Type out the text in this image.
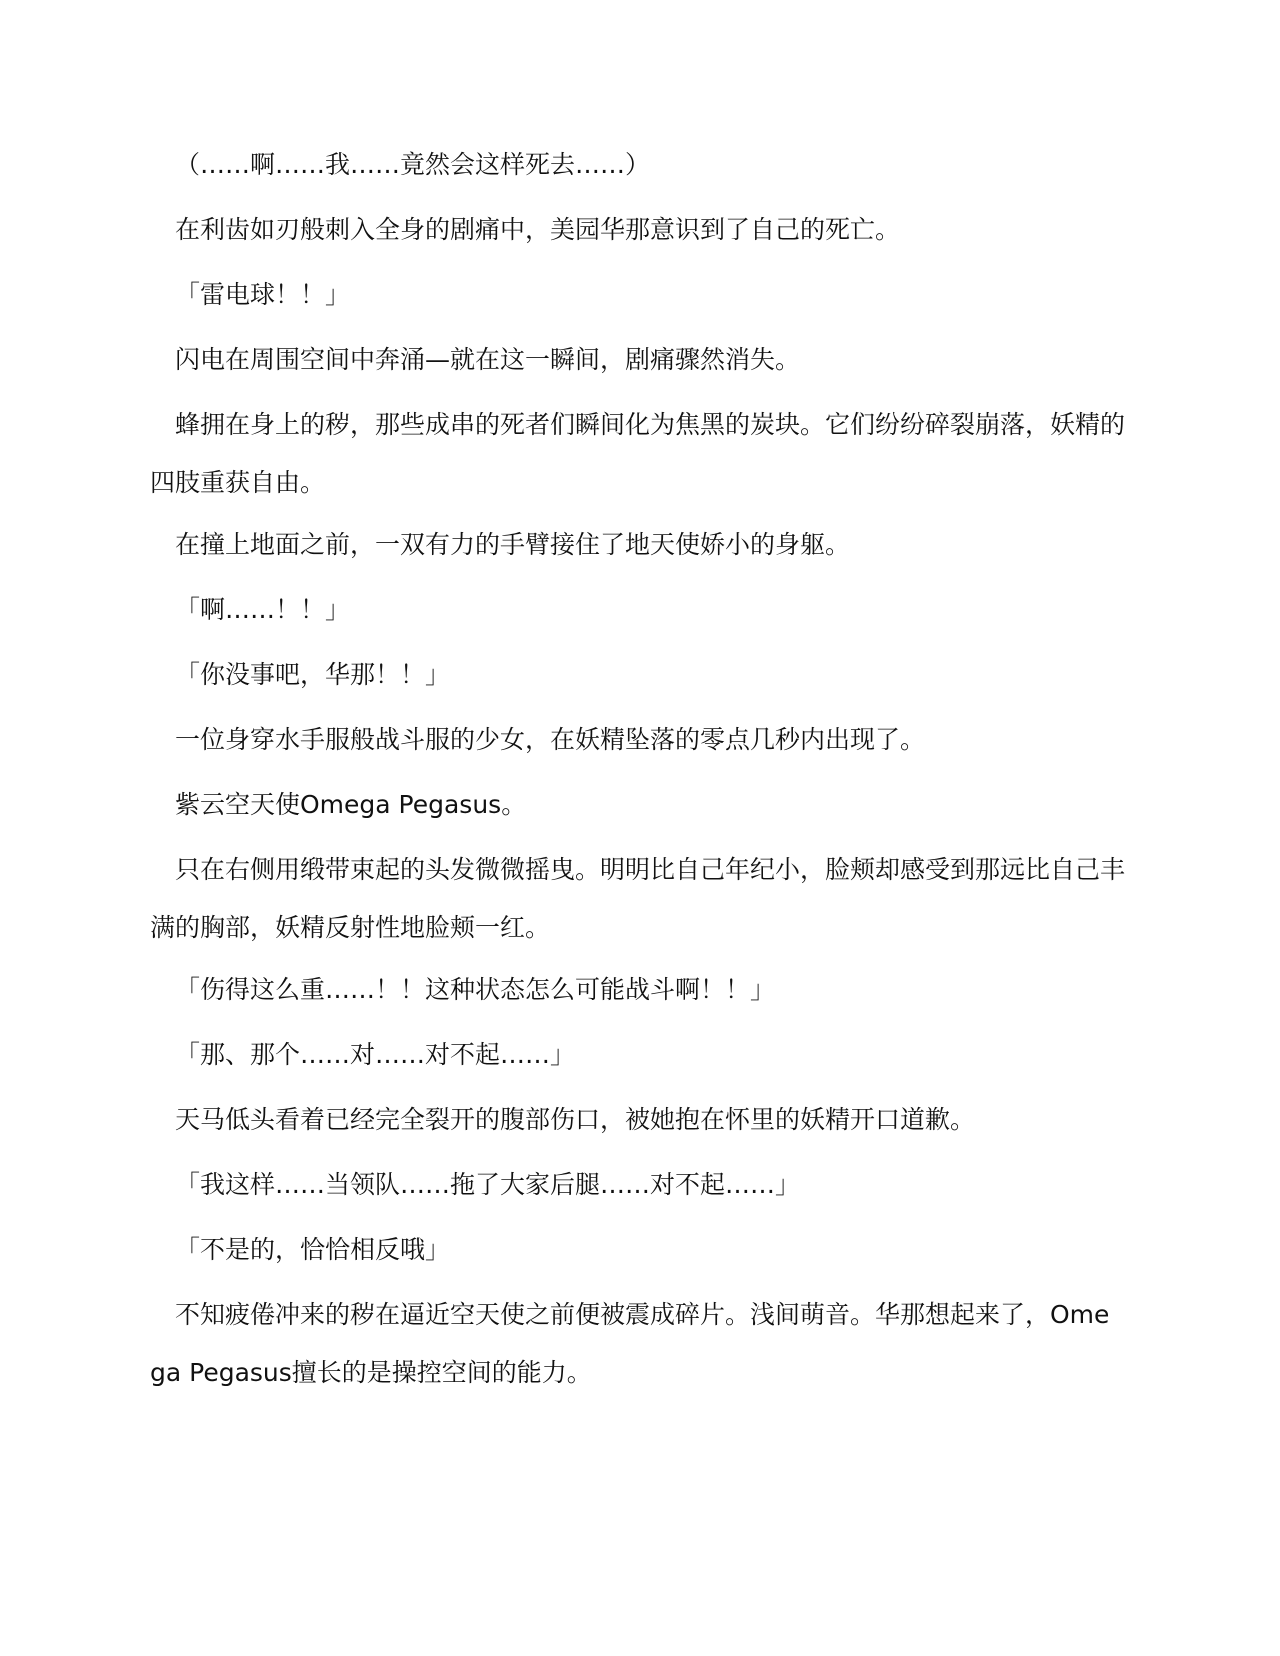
（……啊……我……竟然会这样死去……）

在利齿如刃般刺入全身的剧痛中，美园华那意识到了自己的死亡。

「雷电球！！」

闪电在周围空间中奔涌—就在这一瞬间，剧痛骤然消失。

蜂拥在身上的秽，那些成串的死者们瞬间化为焦黑的炭块。它们纷纷碎裂崩落，妖精的
四肢重获自由。

在撞上地面之前，一双有力的手臂接住了地天使娇小的身躯。

「啊……！！」

「你没事吧，华那！！」

一位身穿水手服般战斗服的少女，在妖精坠落的零点几秒内出现了。

紫云空天使Omega Pegasus。

只在右侧用缎带束起的头发微微摇曳。明明比自己年纪小，脸颊却感受到那远比自己丰
满的胸部，妖精反射性地脸颊一红。

「伤得这么重……！！这种状态怎么可能战斗啊！！」

「那、那个……对……对不起……」

天马低头看着已经完全裂开的腹部伤口，被她抱在怀里的妖精开口道歉。

「我这样……当领队……拖了大家后腿……对不起……」

「不是的，恰恰相反哦」

不知疲倦冲来的秽在逼近空天使之前便被震成碎片。浅间萌音。华那想起来了，Ome
ga Pegasus擅长的是操控空间的能力。
